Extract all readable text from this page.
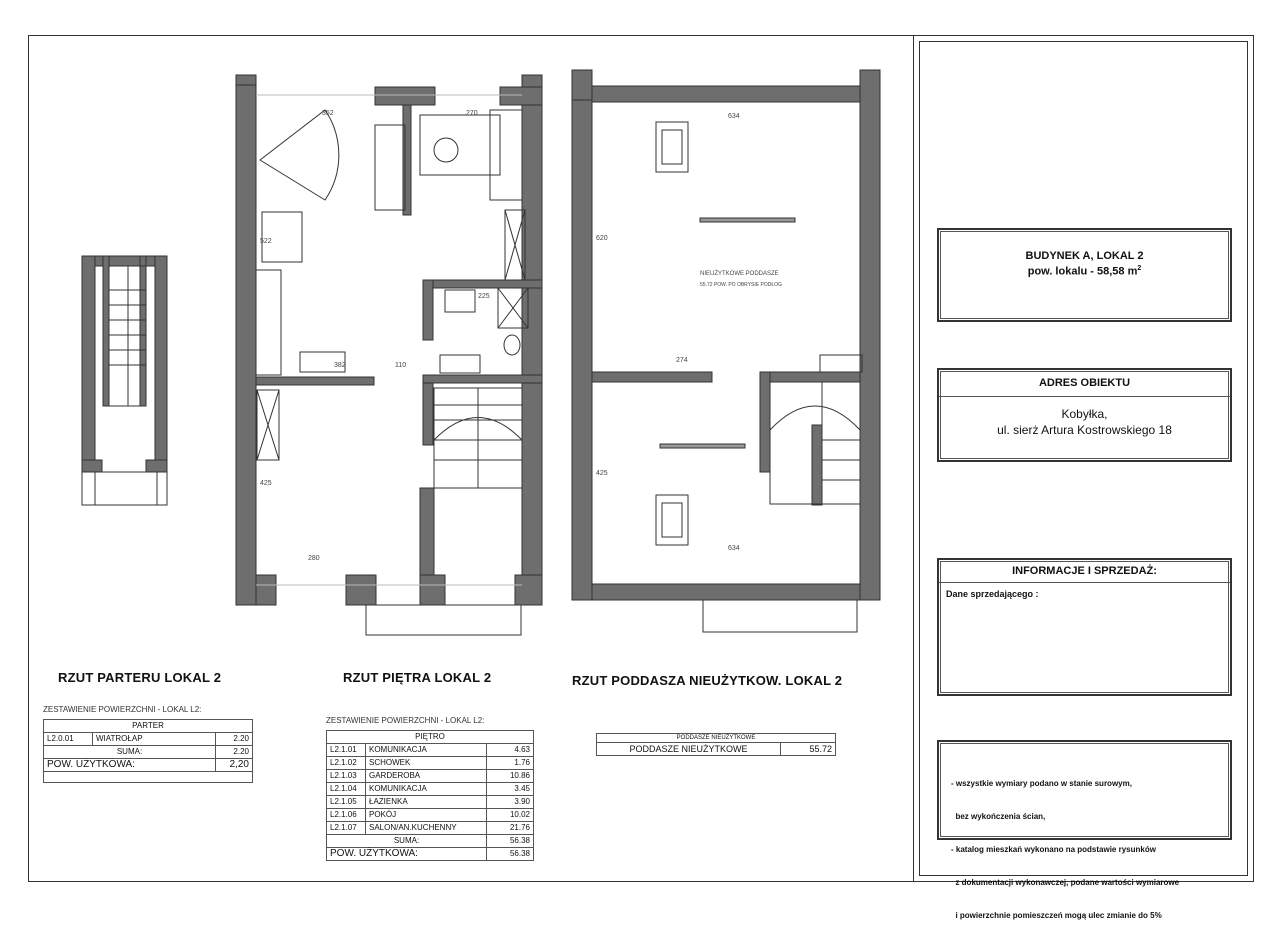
352	270	634
634
274
225
110
280
425
425
620
522
382
NIEUŻYTKOWE PODDASZE
55.72 POW. PO OBRYSIE PODŁOG
RZUT PARTERU LOKAL 2	RZUT PIĘTRA LOKAL 2	RZUT PODDASZA NIEUŻYTKOW. LOKAL 2
ZESTAWIENIE POWIERZCHNI - LOKAL L2:
PARTER		
L2.0.01	WIATROŁAP	2.20
SUMA:		2.20
POW. UŻYTKOWA:		2,20

ZESTAWIENIE POWIERZCHNI - LOKAL L2:
PIĘTRO		
L2.1.01	KOMUNIKACJA	4.63
L2.1.02	SCHOWEK	1.76
L2.1.03	GARDEROBA	10.86
L2.1.04	KOMUNIKACJA	3.45
L2.1.05	ŁAZIENKA	3.90
L2.1.06	POKÓJ	10.02
L2.1.07	SALON/AN.KUCHENNY	21.76
SUMA:		56.38
POW. UŻYTKOWA:		56.38
PODDASZE NIEUŻYTKOWE
PODDASZE NIEUŻYTKOWE	55.72
BUDYNEK A, LOKAL 2
pow. lokalu - 58,58 $m^2$
ADRES OBIEKTU
Kobyłka,
ul. sierż Artura Kostrowskiego 18
INFORMACJE I SPRZEDAŻ:
Dane sprzedającego :

- wszystkie wymiary podano w stanie surowym,

bez wykończenia ścian,

- katalog mieszkań wykonano na podstawie rysunków

z dokumentacji wykonawczej, podane wartości wymiarowe

i powierzchnie pomieszczeń mogą ulec zmianie do 5%
